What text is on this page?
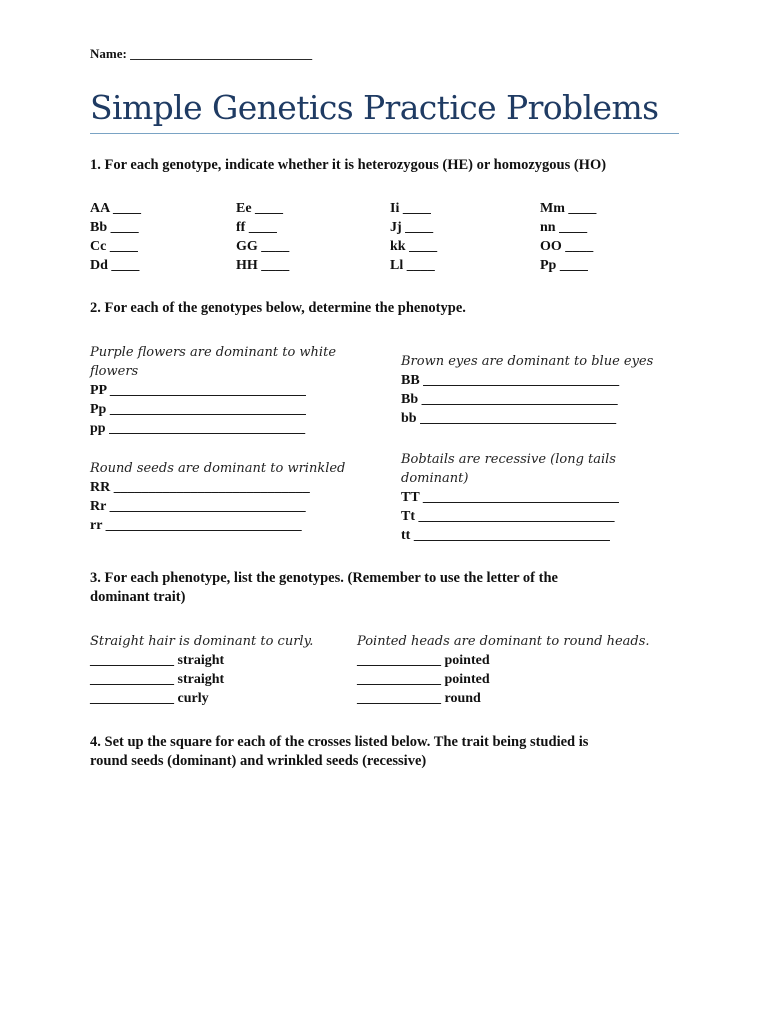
Name: ____________________________
Simple Genetics Practice Problems
1. For each genotype, indicate whether it is heterozygous (HE) or homozygous (HO)
AA ____
Bb ____
Cc ____
Dd ____
Ee ____
ff ____
GG ____
HH ____
Ii ____
Jj ____
kk ____
Ll ____
Mm ____
nn ____
OO ____
Pp ____
2. For each of the genotypes below, determine the phenotype.
Purple flowers are dominant to white
flowers
PP ____________________________
Pp ____________________________
pp ____________________________
Brown eyes are dominant to blue eyes
BB ____________________________
Bb ____________________________
bb ____________________________
Round seeds are dominant to wrinkled
RR ____________________________
Rr ____________________________
rr ____________________________
Bobtails are recessive (long tails
dominant)
TT ____________________________
Tt ____________________________
tt ____________________________
3. For each phenotype, list the genotypes. (Remember to use the letter of the
dominant trait)
Straight hair is dominant to curly.
____________ straight
____________ straight
____________ curly
Pointed heads are dominant to round heads.
____________ pointed
____________ pointed
____________ round
4. Set up the square for each of the crosses listed below. The trait being studied is
round seeds (dominant) and wrinkled seeds (recessive)
